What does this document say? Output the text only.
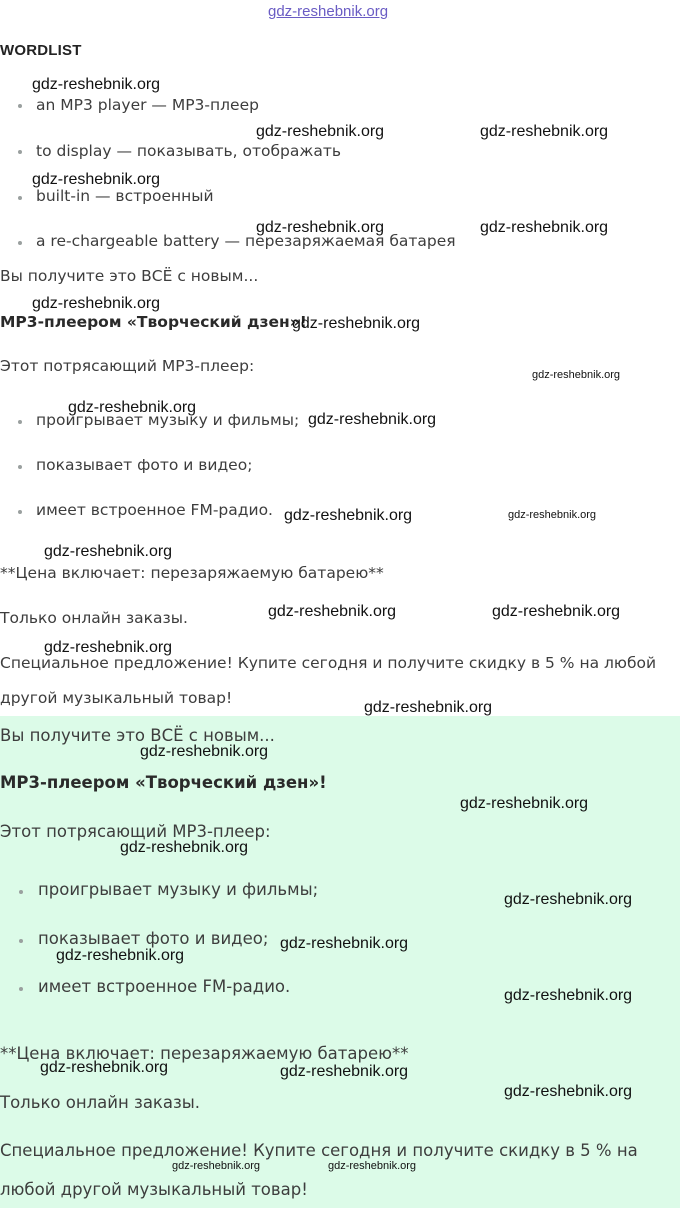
gdz-reshebnik.org
WORDLIST
an MP3 player — МР3-плеер
to display — показывать, отображать
built-in — встроенный
a re-chargeable battery — перезаряжаемая батарея
Вы получите это ВСЁ с новым...
МР3-плеером «Творческий дзен»!
Этот потрясающий МР3-плеер:
проигрывает музыку и фильмы;
показывает фото и видео;
имеет встроенное FM-радио.
**Цена включает: перезаряжаемую батарею**
Только онлайн заказы.
Специальное предложение! Купите сегодня и получите скидку в 5 % на любой
другой музыкальный товар!
Вы получите это ВСЁ с новым...
МР3-плеером «Творческий дзен»!
Этот потрясающий МР3-плеер:
проигрывает музыку и фильмы;
показывает фото и видео;
имеет встроенное FM-радио.
**Цена включает: перезаряжаемую батарею**
Только онлайн заказы.
Специальное предложение! Купите сегодня и получите скидку в 5 % на
любой другой музыкальный товар!
gdz-reshebnik.org
gdz-reshebnik.org	gdz-reshebnik.org
gdz-reshebnik.org
gdz-reshebnik.org	gdz-reshebnik.org
gdz-reshebnik.org
gdz-reshebnik.org
gdz-reshebnik.org
gdz-reshebnik.org
gdz-reshebnik.org
gdz-reshebnik.org	gdz-reshebnik.org
gdz-reshebnik.org
gdz-reshebnik.org	gdz-reshebnik.org
gdz-reshebnik.org
gdz-reshebnik.org
gdz-reshebnik.org
gdz-reshebnik.org
gdz-reshebnik.org
gdz-reshebnik.org
gdz-reshebnik.org
gdz-reshebnik.org
gdz-reshebnik.org
gdz-reshebnik.org	gdz-reshebnik.org
gdz-reshebnik.org
gdz-reshebnik.org	gdz-reshebnik.org
